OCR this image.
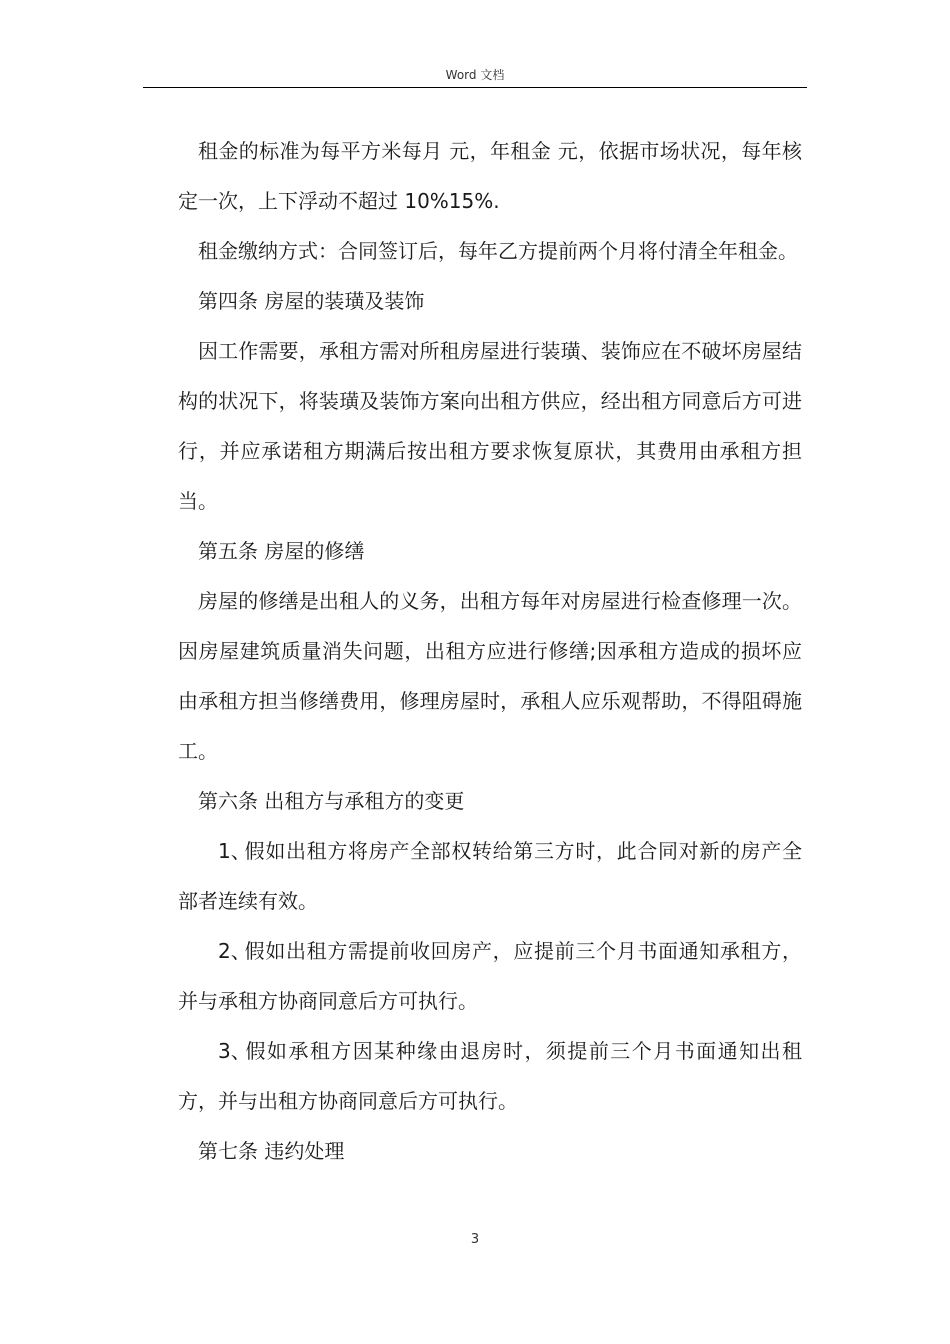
Word 文档

租金的标准为每平方米每月 元，年租金 元，依据市场状况，每年核定一次，上下浮动不超过 10%15%.

租金缴纳方式：合同签订后，每年乙方提前两个月将付清全年租金。

第四条 房屋的装璜及装饰

因工作需要，承租方需对所租房屋进行装璜、装饰应在不破坏房屋结构的状况下，将装璜及装饰方案向出租方供应，经出租方同意后方可进行，并应承诺租方期满后按出租方要求恢复原状，其费用由承租方担当。

第五条 房屋的修缮

房屋的修缮是出租人的义务，出租方每年对房屋进行检查修理一次。因房屋建筑质量消失问题，出租方应进行修缮;因承租方造成的损坏应由承租方担当修缮费用，修理房屋时，承租人应乐观帮助，不得阻碍施工。

第六条 出租方与承租方的变更

1、假如出租方将房产全部权转给第三方时，此合同对新的房产全部者连续有效。

2、假如出租方需提前收回房产，应提前三个月书面通知承租方，并与承租方协商同意后方可执行。

3、假如承租方因某种缘由退房时，须提前三个月书面通知出租方，并与出租方协商同意后方可执行。

第七条 违约处理

3
